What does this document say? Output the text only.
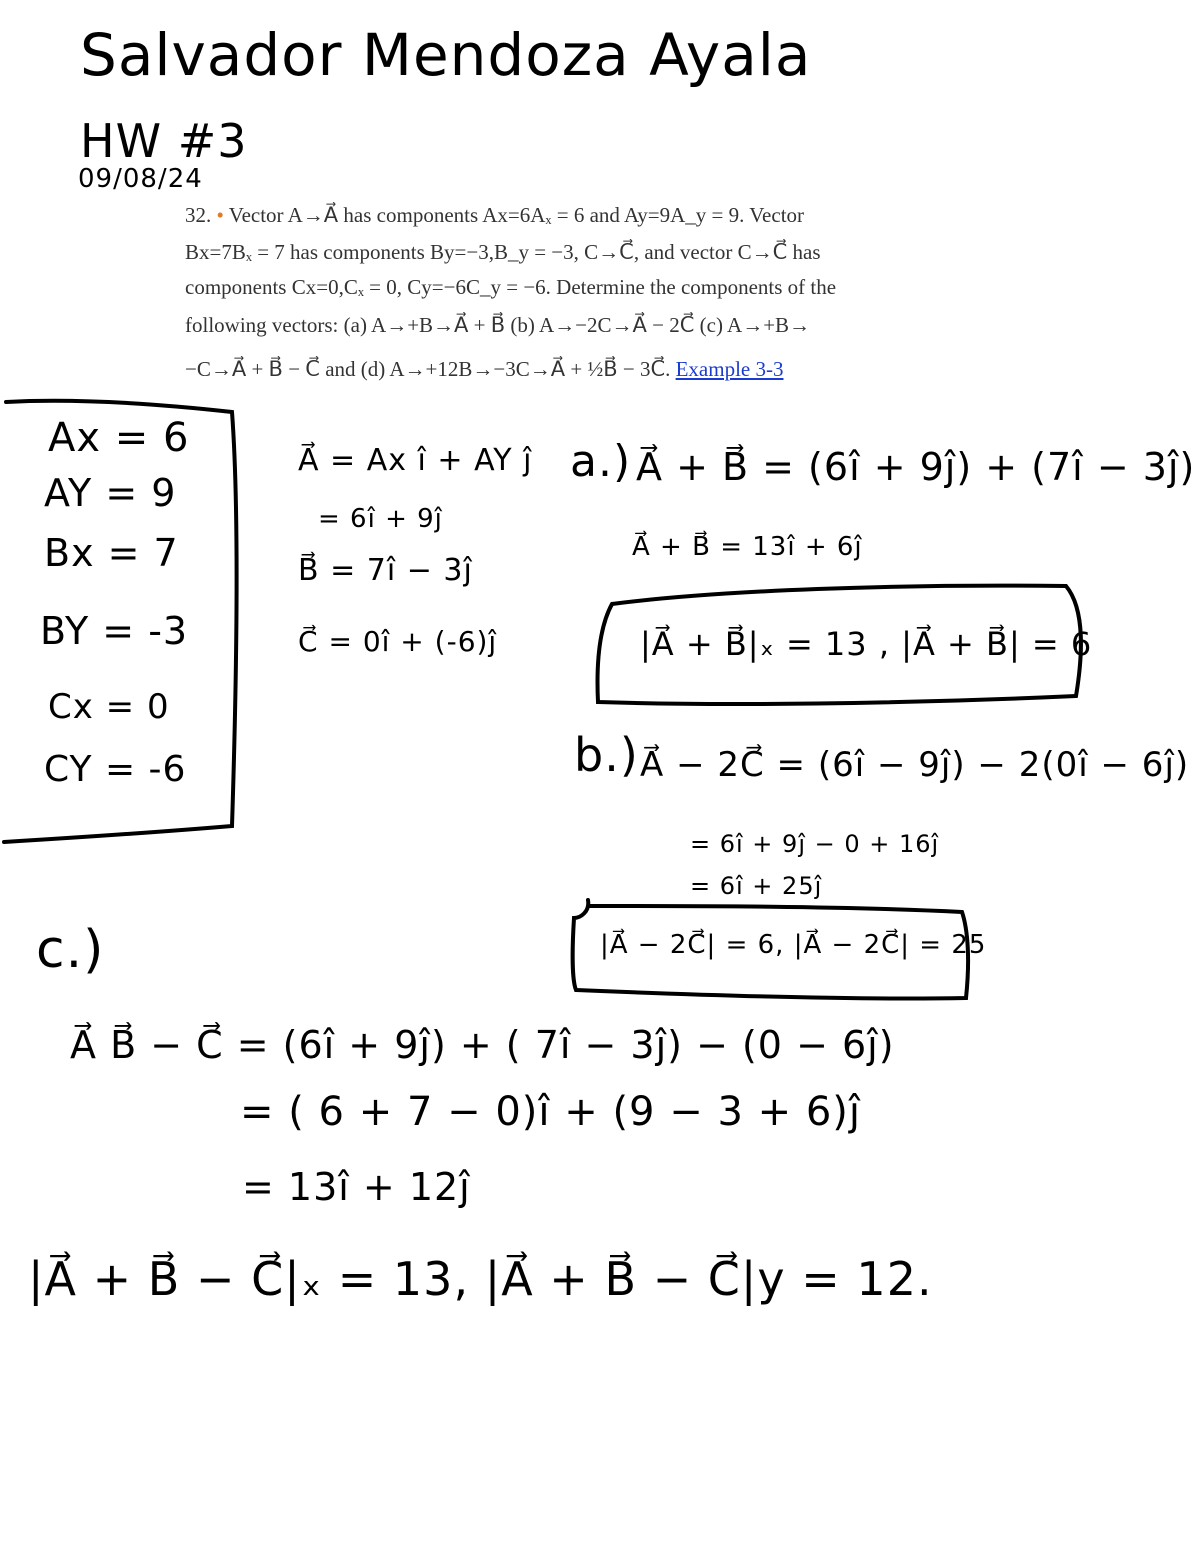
Salvador Mendoza Ayala
HW #3
09/08/24
32. • Vector A→A⃗ has components Ax=6Aₓ = 6 and Ay=9A_y = 9. Vector
Bx=7Bₓ = 7 has components By=−3,B_y = −3, C→C⃗, and vector C→C⃗ has
components Cx=0,Cₓ = 0, Cy=−6C_y = −6. Determine the components of the
following vectors: (a) A→+B→A⃗ + B⃗ (b) A→−2C→A⃗ − 2C⃗ (c) A→+B→
−C→A⃗ + B⃗ − C⃗ and (d) A→+12B→−3C→A⃗ + ½B⃗ − 3C⃗. Example 3-3
Ax = 6
AY = 9
Bx = 7
BY = -3
Cx = 0
CY = -6
A⃗ = Ax î + AY ĵ
= 6î + 9ĵ
B⃗ = 7î − 3ĵ
C⃗ = 0î + (-6)ĵ
a.) A⃗ + B⃗ = (6î + 9ĵ) + (7î − 3ĵ)
A⃗ + B⃗ = 13î + 6ĵ
|A⃗ + B⃗|ₓ = 13 , |A⃗ + B⃗| = 6
b.) A⃗ − 2C⃗ = (6î − 9ĵ) − 2(0î − 6ĵ)
= 6î + 9ĵ − 0 + 16ĵ
= 6î + 25ĵ
|A⃗ − 2C⃗| = 6, |A⃗ − 2C⃗| = 25
c.)
A⃗ B⃗ − C⃗ = (6î + 9ĵ) + ( 7î − 3ĵ) − (0 − 6ĵ)
= ( 6 + 7 − 0)î + (9 − 3 + 6)ĵ
= 13î + 12ĵ
|A⃗ + B⃗ − C⃗|ₓ = 13, |A⃗ + B⃗ − C⃗|y = 12.
